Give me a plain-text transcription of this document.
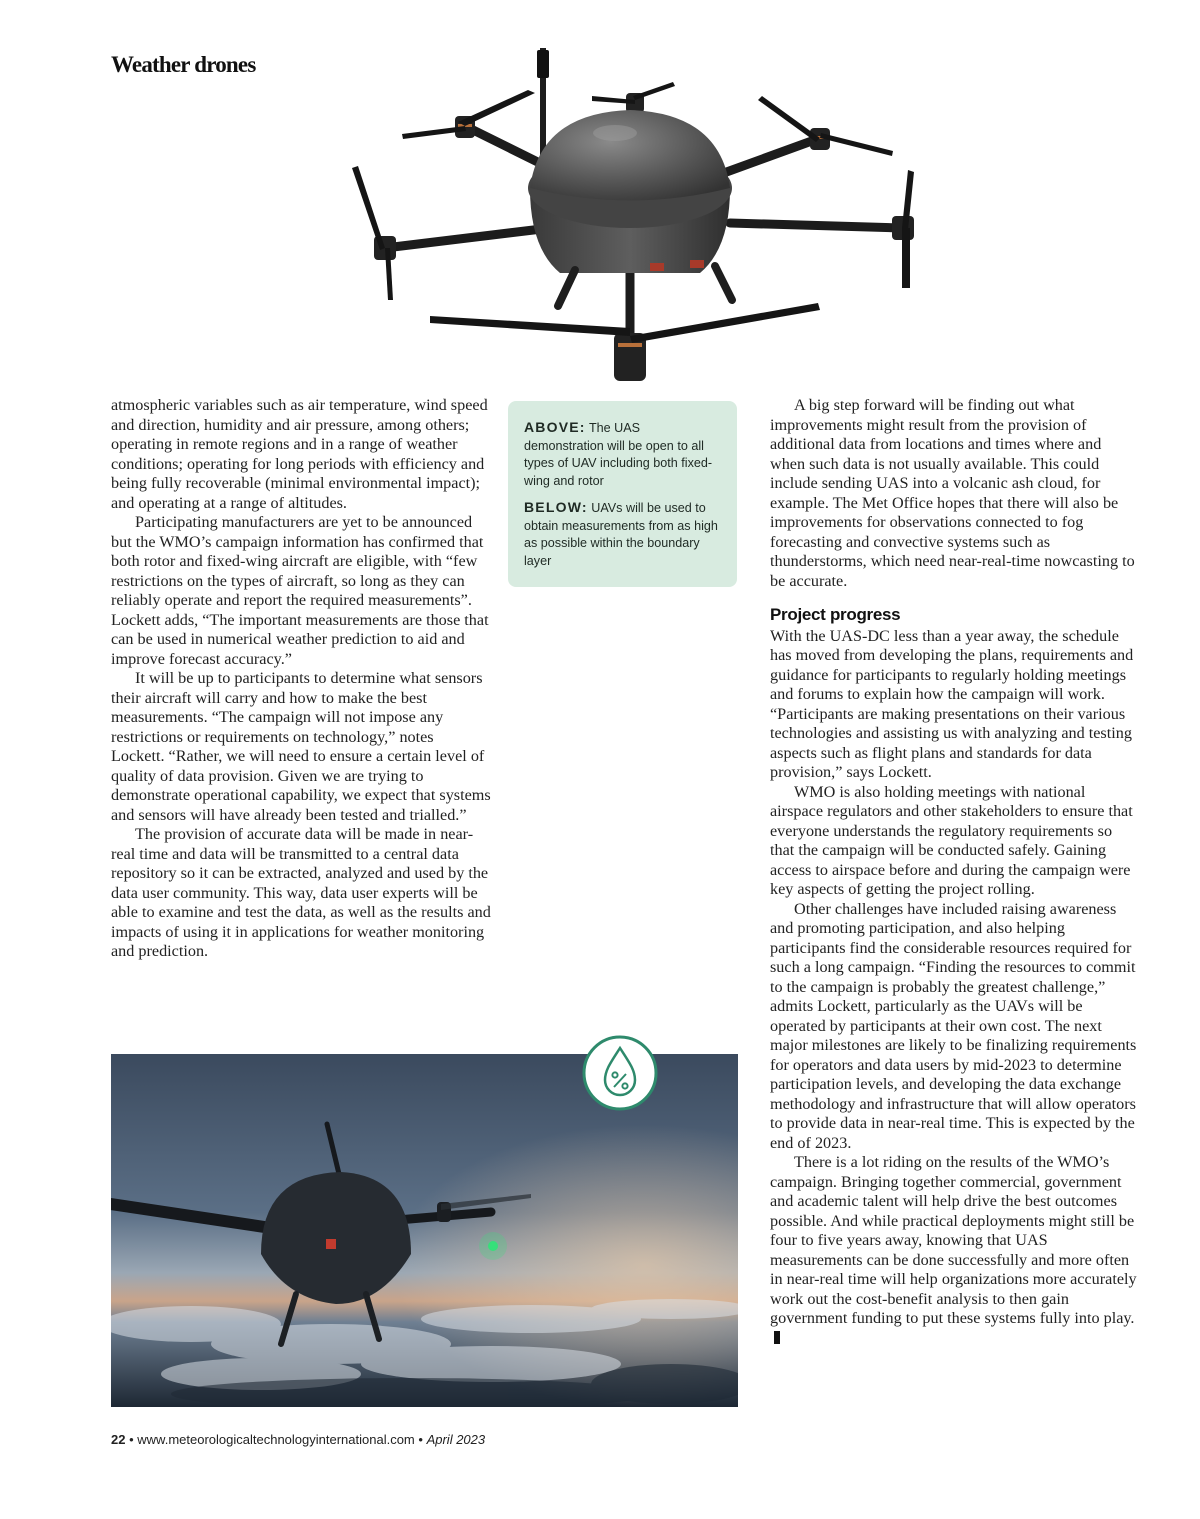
Weather drones

atmospheric variables such as air temperature, wind speed and direction, humidity and air pressure, among others; operating in remote regions and in a range of weather conditions; operating for long periods with efficiency and being fully recoverable (minimal environmental impact); and operating at a range of altitudes.

Participating manufacturers are yet to be announced but the WMO’s campaign information has confirmed that both rotor and fixed-wing aircraft are eligible, with “few restrictions on the types of aircraft, so long as they can reliably operate and report the required measurements”. Lockett adds, “The important measurements are those that can be used in numerical weather prediction to aid and improve forecast accuracy.”

It will be up to participants to determine what sensors their aircraft will carry and how to make the best measurements. “The campaign will not impose any restrictions or requirements on technology,” notes Lockett. “Rather, we will need to ensure a certain level of quality of data provision. Given we are trying to demonstrate operational capability, we expect that systems and sensors will have already been tested and trialled.”

The provision of accurate data will be made in near-real time and data will be transmitted to a central data repository so it can be extracted, analyzed and used by the data user community. This way, data user experts will be able to examine and test the data, as well as the results and impacts of using it in applications for weather monitoring and prediction.

ABOVE: The UAS demonstration will be open to all types of UAV including both fixed-wing and rotor

BELOW: UAVs will be used to obtain measurements from as high as possible within the boundary layer

A big step forward will be finding out what improvements might result from the provision of additional data from locations and times where and when such data is not usually available. This could include sending UAS into a volcanic ash cloud, for example. The Met Office hopes that there will also be improvements for observations connected to fog forecasting and convective systems such as thunderstorms, which need near-real-time nowcasting to be accurate.

Project progress

With the UAS-DC less than a year away, the schedule has moved from developing the plans, requirements and guidance for participants to regularly holding meetings and forums to explain how the campaign will work. “Participants are making presentations on their various technologies and assisting us with analyzing and testing aspects such as flight plans and standards for data provision,” says Lockett.

WMO is also holding meetings with national airspace regulators and other stakeholders to ensure that everyone understands the regulatory requirements so that the campaign will be conducted safely. Gaining access to airspace before and during the campaign were key aspects of getting the project rolling.

Other challenges have included raising awareness and promoting participation, and also helping participants find the considerable resources required for such a long campaign. “Finding the resources to commit to the campaign is probably the greatest challenge,” admits Lockett, particularly as the UAVs will be operated by participants at their own cost. The next major milestones are likely to be finalizing requirements for operators and data users by mid-2023 to determine participation levels, and developing the data exchange methodology and infrastructure that will allow operators to provide data in near-real time. This is expected by the end of 2023.

There is a lot riding on the results of the WMO’s campaign. Bringing together commercial, government and academic talent will help drive the best outcomes possible. And while practical deployments might still be four to five years away, knowing that UAS measurements can be done successfully and more often in near-real time will help organizations more accurately work out the cost-benefit analysis to then gain government funding to put these systems fully into play.

22 • www.meteorologicaltechnologyinternational.com • April 2023
